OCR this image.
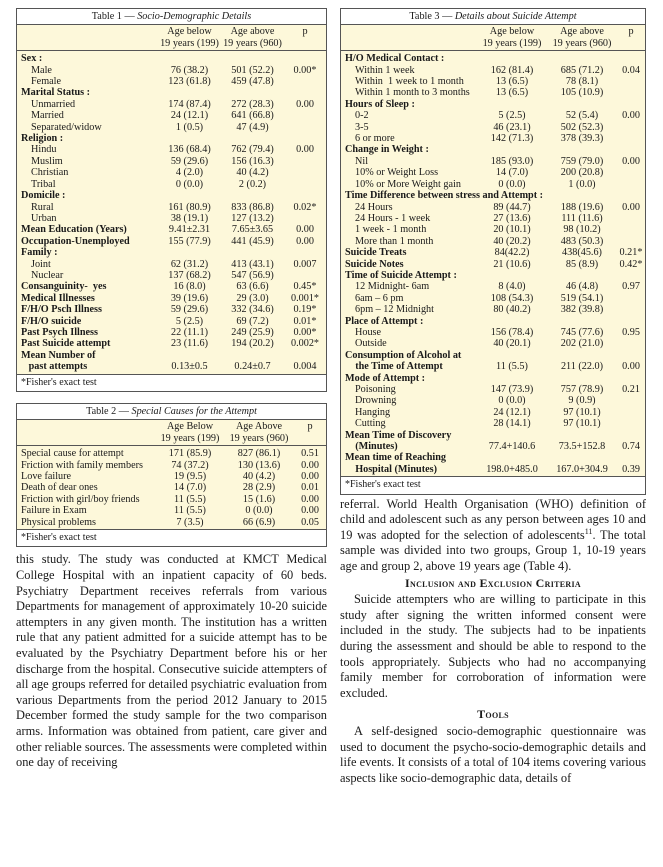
Table 1 — Socio-Demographic Details
Age below
19 years (199)
Age above
19 years (960)
p
Sex :
Male	76 (38.2)	501 (52.2)	0.00*
Female	123 (61.8)	459 (47.8)
Marital Status :
Unmarried	174 (87.4)	272 (28.3)	0.00
Married	24 (12.1)	641 (66.8)
Separated/widow	1 (0.5)	47 (4.9)
Religion :
Hindu	136 (68.4)	762 (79.4)	0.00
Muslim	59 (29.6)	156 (16.3)
Christian	4 (2.0)	40 (4.2)
Tribal	0 (0.0)	2 (0.2)
Domicile :
Rural	161 (80.9)	833 (86.8)	0.02*
Urban	38 (19.1)	127 (13.2)
Mean Education (Years)	9.41±2.31	7.65±3.65	0.00
Occupation-Unemployed	155 (77.9)	441 (45.9)	0.00
Family :
Joint	62 (31.2)	413 (43.1)	0.007
Nuclear	137 (68.2)	547 (56.9)
Consanguinity-  yes	16 (8.0)	63 (6.6)	0.45*
Medical Illnesses	39 (19.6)	29 (3.0)	0.001*
F/H/O Psch Illness	59 (29.6)	332 (34.6)	0.19*
F/H/O suicide	5 (2.5)	69 (7.2)	0.01*
Past Psych Illness	22 (11.1)	249 (25.9)	0.00*
Past Suicide attempt	23 (11.6)	194 (20.2)	0.002*
Mean Number of
past attempts	0.13±0.5	0.24±0.7	0.004
*Fisher's exact test
Table 2 — Special Causes for the Attempt
Age Below
19 years (199)
Age Above
19 years (960)
p
Special cause for attempt	171 (85.9)	827 (86.1)	0.51
Friction with family members	74 (37.2)	130 (13.6)	0.00
Love failure	19 (9.5)	40 (4.2)	0.00
Death of dear ones	14 (7.0)	28 (2.9)	0.01
Friction with girl/boy friends	11 (5.5)	15 (1.6)	0.00
Failure in Exam	11 (5.5)	0 (0.0)	0.00
Physical problems	7 (3.5)	66 (6.9)	0.05
*Fisher's exact test

this study. The study was conducted at KMCT Medical College Hospital with an inpatient capacity of 60 beds. Psychiatry Department receives referrals from various Departments for management of approximately 10-20 suicide attempters in any given month. The institution has a written rule that any patient admitted for a suicide attempt has to be evaluated by the Psychiatry Department before his or her discharge from the hospital. Consecutive suicide attempters of all age groups referred for detailed psychiatric evaluation from various Departments from the period 2012 January to 2015 December formed the study sample for the two comparison arms. Information was obtained from patient, care giver and other reliable sources. The assessments were completed within one day of receiving

Table 3 — Details about Suicide Attempt
Age below
19 years (199)
Age above
19 years (960)
p
H/O Medical Contact :
Within 1 week	162 (81.4)	685 (71.2)	0.04
Within  1 week to 1 month	13 (6.5)	78 (8.1)
Within 1 month to 3 months	13 (6.5)	105 (10.9)
Hours of Sleep :
0-2	5 (2.5)	52 (5.4)	0.00
3-5	46 (23.1)	502 (52.3)
6 or more	142 (71.3)	378 (39.3)
Change in Weight :
Nil	185 (93.0)	759 (79.0)	0.00
10% or Weight Loss	14 (7.0)	200 (20.8)
10% or More Weight gain	0 (0.0)	1 (0.0)
Time Difference between stress and Attempt :
24 Hours	89 (44.7)	188 (19.6)	0.00
24 Hours - 1 week	27 (13.6)	111 (11.6)
1 week - 1 month	20 (10.1)	98 (10.2)
More than 1 month	40 (20.2)	483 (50.3)
Suicide Treats	84(42.2)	438(45.6)	0.21*
Suicide Notes	21 (10.6)	85 (8.9)	0.42*
Time of Suicide Attempt :
12 Midnight- 6am	8 (4.0)	46 (4.8)	0.97
6am – 6 pm	108 (54.3)	519 (54.1)
6pm – 12 Midnight	80 (40.2)	382 (39.8)
Place of Attempt :
House	156 (78.4)	745 (77.6)	0.95
Outside	40 (20.1)	202 (21.0)
Consumption of Alcohol at
the Time of Attempt	11 (5.5)	211 (22.0)	0.00
Mode of Attempt :
Poisoning	147 (73.9)	757 (78.9)	0.21
Drowning	0 (0.0)	9 (0.9)
Hanging	24 (12.1)	97 (10.1)
Cutting	28 (14.1)	97 (10.1)
Mean Time of Discovery
(Minutes)	77.4+140.6	73.5+152.8	0.74
Mean time of Reaching
Hospital (Minutes)	198.0+485.0	167.0+304.9	0.39
*Fisher's exact test

referral. World Health Organisation (WHO) definition of child and adolescent such as any person between ages 10 and 19 was adopted for the selection of adolescents$^{11}$. The total sample was divided into two groups, Group 1, 10-19 years age and group 2, above 19 years age (Table 4).

Inclusion and Exclusion Criteria

Suicide attempters who are willing to participate in this study after signing the written informed consent were included in the study. The subjects had to be inpatients during the assessment and should be able to respond to the tools appropriately. Subjects who had no accompanying family member for corroboration of information were excluded.

Tools

A self-designed socio-demographic questionnaire was used to document the psycho-socio-demographic details and life events. It consists of a total of 104 items covering various aspects like socio-demographic data, details of
